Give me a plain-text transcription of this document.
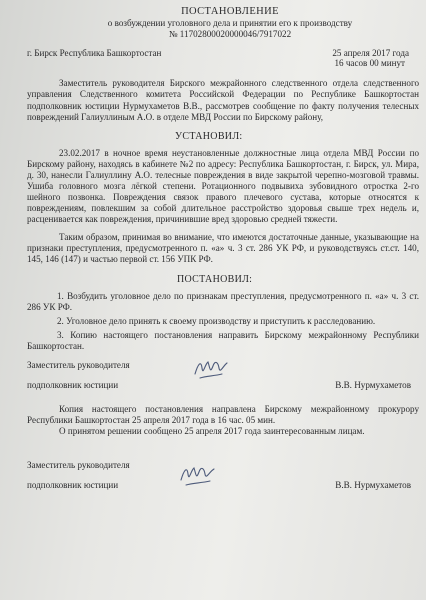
ПОСТАНОВЛЕНИЕ
о возбуждении уголовного дела и принятии его к производству
№ 11702800020000046/7917022
г. Бирск Республика Башкортостан	25 апреля 2017 года
16 часов 00 минут

Заместитель руководителя Бирского межрайонного следственного отдела следственного управления Следственного комитета Российской Федерации по Республике Башкортостан подполковник юстиции Нурмухаметов В.В., рассмотрев сообщение по факту получения телесных повреждений Галиуллиным А.О. в отделе МВД России по Бирскому району,

УСТАНОВИЛ:

23.02.2017 в ночное время неустановленные должностные лица отдела МВД России по Бирскому району, находясь в кабинете №2 по адресу: Республика Башкортостан, г. Бирск, ул. Мира, д. 30, нанесли Галиуллину А.О. телесные повреждения в виде закрытой черепно-мозговой травмы. Ушиба головного мозга лёгкой степени. Ротационного подвывиха зубовидного отростка 2-го шейного позвонка. Повреждения связок правого плечевого сустава, которые относятся к повреждениям, повлекшим за собой длительное расстройство здоровья свыше трех недель и, расценивается как повреждения, причинившие вред здоровью средней тяжести.

Таким образом, принимая во внимание, что имеются достаточные данные, указывающие на признаки преступления, предусмотренного п. «а» ч. 3 ст. 286 УК РФ, и руководствуясь ст.ст. 140, 145, 146 (147) и частью первой ст. 156 УПК РФ.

ПОСТАНОВИЛ:

1. Возбудить уголовное дело по признакам преступления, предусмотренного п. «а» ч. 3 ст. 286 УК РФ.

2. Уголовное дело принять к своему производству и приступить к расследованию.

3. Копию настоящего постановления направить Бирскому межрайонному Республики Башкортостан.

Заместитель руководителя
подполковник юстиции	В.В. Нурмухаметов

Копия настоящего постановления направлена Бирскому межрайонному прокурору Республики Башкортостан 25 апреля 2017 года в 16 час. 05 мин.

О принятом решении сообщено 25 апреля 2017 года заинтересованным лицам.

Заместитель руководителя
подполковник юстиции	В.В. Нурмухаметов
